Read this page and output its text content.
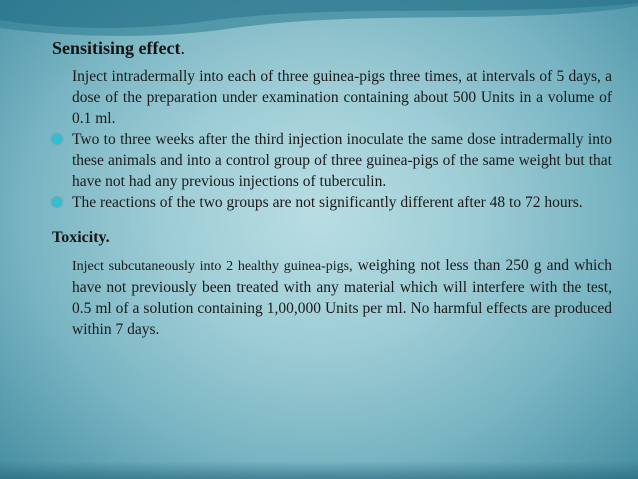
Sensitising effect.

Inject intradermally into each of three guinea-pigs three times, at intervals of 5 days, a dose of the preparation under examination containing about 500 Units in a volume of 0.1 ml.

Two to three weeks after the third injection inoculate the same dose intradermally into these animals and into a control group of three guinea-pigs of the same weight but that have not had any previous injections of tuberculin.
The reactions of the two groups are not significantly different after 48 to 72 hours.

Toxicity.

Inject subcutaneously into 2 healthy guinea-pigs, weighing not less than 250 g and which have not previously been treated with any material which will interfere with the test, 0.5 ml of a solution containing 1,00,000 Units per ml. No harmful effects are produced within 7 days.
